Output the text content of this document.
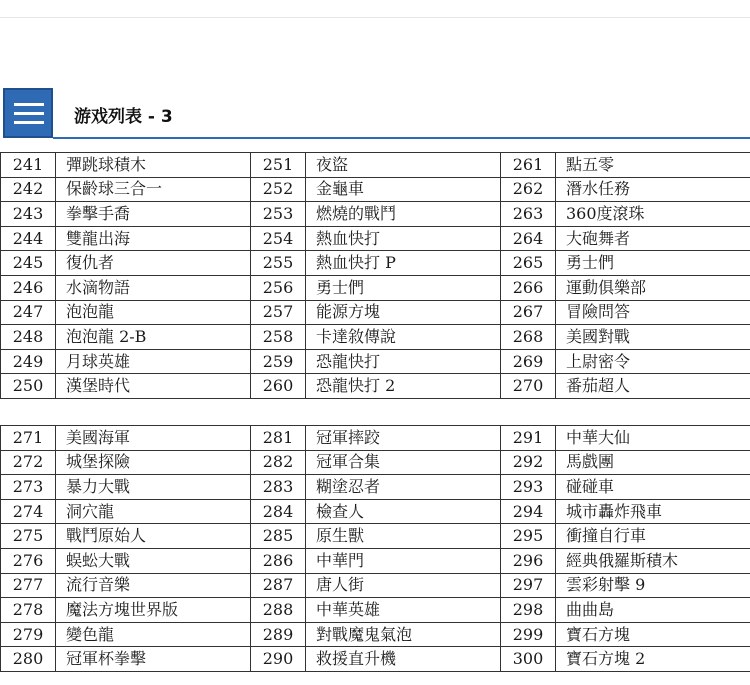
游戏列表 - 3
241	彈跳球積木	251	夜盜	261	點五零
242	保齡球三合一	252	金龜車	262	潛水任務
243	拳擊手喬	253	燃燒的戰鬥	263	360度滾珠
244	雙龍出海	254	熱血快打	264	大砲舞者
245	復仇者	255	熱血快打 P	265	勇士們
246	水滴物語	256	勇士們	266	運動俱樂部
247	泡泡龍	257	能源方塊	267	冒險問答
248	泡泡龍 2-B	258	卡達敘傳說	268	美國對戰
249	月球英雄	259	恐龍快打	269	上尉密令
250	漢堡時代	260	恐龍快打 2	270	番茄超人
271	美國海軍	281	冠軍摔跤	291	中華大仙
272	城堡探險	282	冠軍合集	292	馬戲團
273	暴力大戰	283	糊塗忍者	293	碰碰車
274	洞穴龍	284	檢查人	294	城市轟炸飛車
275	戰鬥原始人	285	原生獸	295	衝撞自行車
276	蜈蚣大戰	286	中華門	296	經典俄羅斯積木
277	流行音樂	287	唐人街	297	雲彩射擊 9
278	魔法方塊世界版	288	中華英雄	298	曲曲島
279	變色龍	289	對戰魔鬼氣泡	299	寶石方塊
280	冠軍杯拳擊	290	救援直升機	300	寶石方塊 2
